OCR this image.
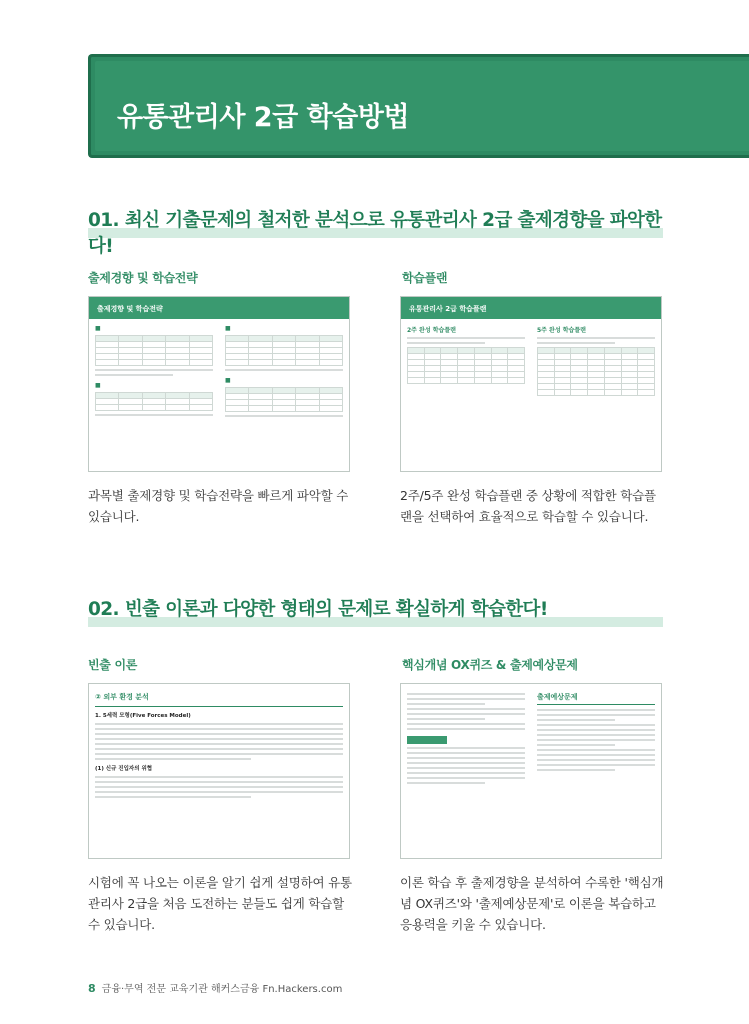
유통관리사 2급 학습방법
01. 최신 기출문제의 철저한 분석으로 유통관리사 2급 출제경향을 파악한다!
출제경향 및 학습전략	학습플랜
출제경향 및 학습전략
■

■

■

■

유통관리사 2급 학습플랜
2주 완성 학습플랜

							5주 완성 학습플랜

과목별 출제경향 및 학습전략을 빠르게 파악할 수 있습니다.
2주/5주 완성 학습플랜 중 상황에 적합한 학습플랜을 선택하여 효율적으로 학습할 수 있습니다.
02. 빈출 이론과 다양한 형태의 문제로 확실하게 학습한다!
빈출 이론	핵심개념 OX퀴즈 & 출제예상문제
② 외부 환경 분석
1. 5세력 모형(Five Forces Model)
(1) 신규 진입자의 위협
출제예상문제
시험에 꼭 나오는 이론을 알기 쉽게 설명하여 유통관리사 2급을 처음 도전하는 분들도 쉽게 학습할 수 있습니다.
이론 학습 후 출제경향을 분석하여 수록한 '핵심개념 OX퀴즈'와 '출제예상문제'로 이론을 복습하고 응용력을 키울 수 있습니다.
8 금융·무역 전문 교육기관 해커스금융 Fn.Hackers.com
